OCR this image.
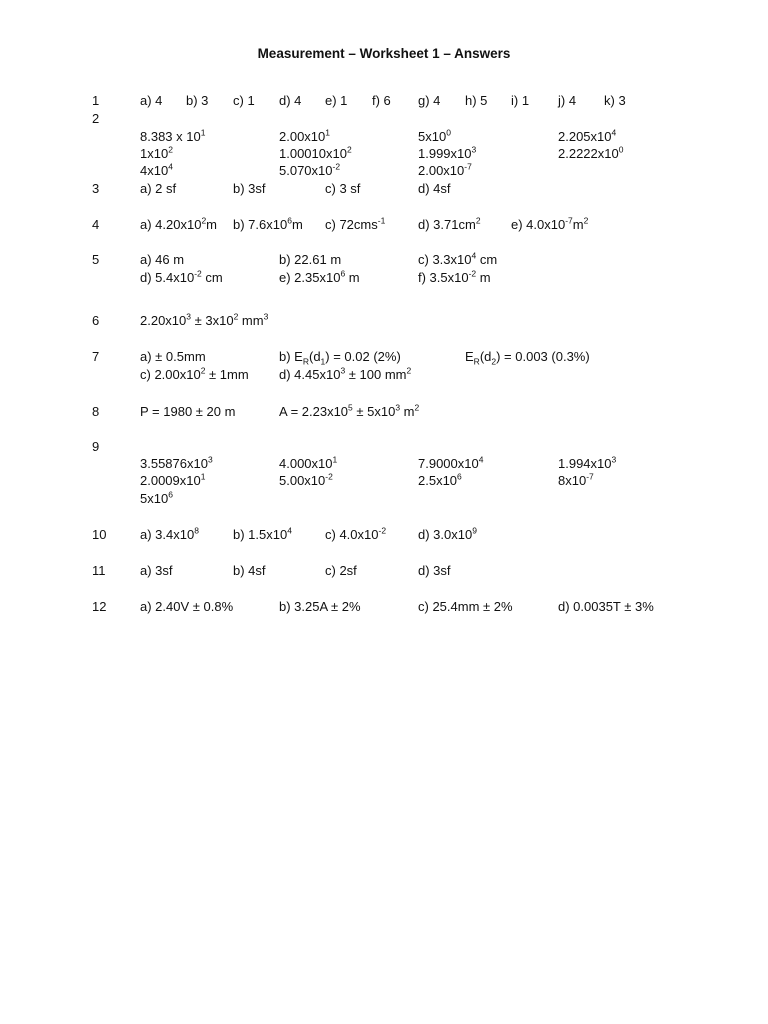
Measurement – Worksheet 1 – Answers
1	a) 4 b) 3 c) 1 d) 4 e) 1 f) 6 g) 4 h) 5 i) 1 j) 4 k) 3
2
8.383 x $10^1$	$2.00x10^1$	$5x10^0$	$2.205x10^4$
$1x10^2$	$1.00010x10^2$	$1.999x10^3$	$2.2222x10^0$
$4x10^4$	$5.070x10^{-2}$	$2.00x10^{-7}$
3	a) 2 sf	b) 3sf	c) 3 sf	d) 4sf
4	a) $4.20x10^2m$ b) $7.6x10^6m$ c) 72cms$^{-1}$	d) $3.71cm^2$ e) $4.0x10^{-7}m^2$
5	a) 46 m	b) 22.61 m	c) $3.3x10^4$ cm
d) $5.4x10^{-2}$ cm	e) $2.35x10^6$ m	f) $3.5x10^{-2}$ m
6	$2.20x10^3 \pm 3x10^2$ $mm^3$
7	a) ± 0.5mm	b) $E_R(d_1) = 0.02$ (2%)	$E_R(d_2) = 0.003$ (0.3%)
c) $2.00x10^2 \pm 1mm$ d) $4.45x10^3 \pm 100$ $mm^2$
8	P = 1980 ± 20 m	$A = 2.23x10^5 \pm 5x10^3$ $m^2$
9
$3.55876x10^3$	$4.000x10^1$	$7.9000x10^4$	$1.994x10^3$
$2.0009x10^1$	$5.00x10^{-2}$	$2.5x10^6$	$8x10^{-7}$
$5x10^6$
10	a) $3.4x10^8$	b) $1.5x10^4$	c) $4.0x10^{-2}$ d) $3.0x10^9$
11	a) 3sf	b) 4sf	c) 2sf	d) 3sf
12	a) 2.40V ± 0.8%	b) 3.25A ± 2%	c) 25.4mm ± 2%	d) 0.0035T ± 3%
